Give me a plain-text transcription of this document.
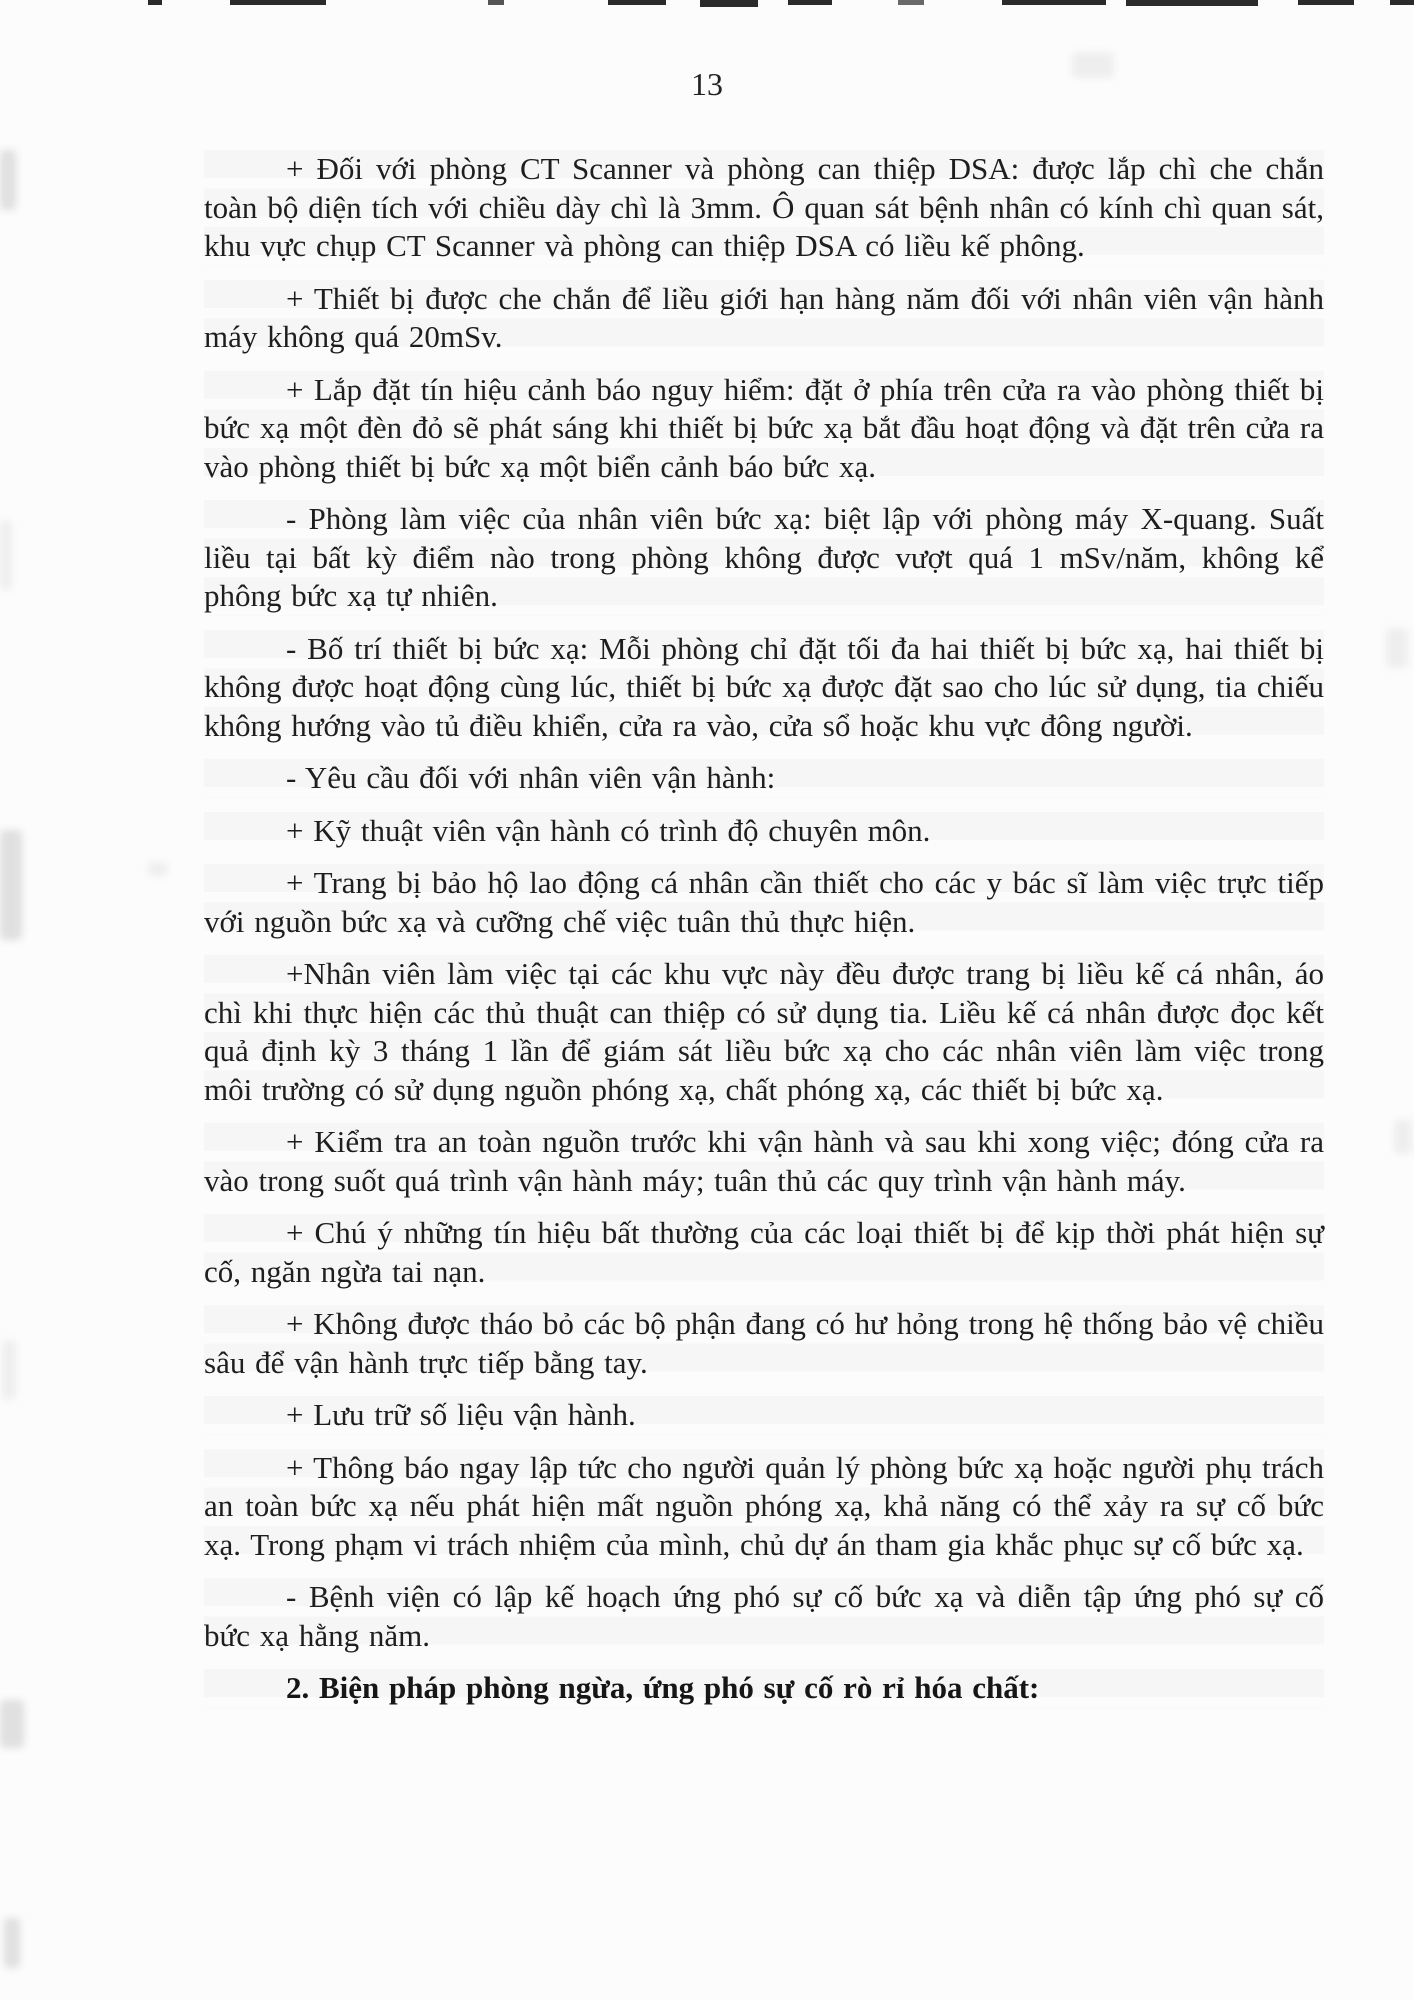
13

+ Đối với phòng CT Scanner và phòng can thiệp DSA: được lắp chì che chắn toàn bộ diện tích với chiều dày chì là 3mm. Ô quan sát bệnh nhân có kính chì quan sát, khu vực chụp CT Scanner và phòng can thiệp DSA có liều kế phông.

+ Thiết bị được che chắn để liều giới hạn hàng năm đối với nhân viên vận hành máy không quá 20mSv.

+ Lắp đặt tín hiệu cảnh báo nguy hiểm: đặt ở phía trên cửa ra vào phòng thiết bị bức xạ một đèn đỏ sẽ phát sáng khi thiết bị bức xạ bắt đầu hoạt động và đặt trên cửa ra vào phòng thiết bị bức xạ một biển cảnh báo bức xạ.

- Phòng làm việc của nhân viên bức xạ: biệt lập với phòng máy X-quang. Suất liều tại bất kỳ điểm nào trong phòng không được vượt quá 1 mSv/năm, không kể phông bức xạ tự nhiên.

- Bố trí thiết bị bức xạ: Mỗi phòng chỉ đặt tối đa hai thiết bị bức xạ, hai thiết bị không được hoạt động cùng lúc, thiết bị bức xạ được đặt sao cho lúc sử dụng, tia chiếu không hướng vào tủ điều khiển, cửa ra vào, cửa sổ hoặc khu vực đông người.

- Yêu cầu đối với nhân viên vận hành:

+ Kỹ thuật viên vận hành có trình độ chuyên môn.

+ Trang bị bảo hộ lao động cá nhân cần thiết cho các y bác sĩ làm việc trực tiếp với nguồn bức xạ và cưỡng chế việc tuân thủ thực hiện.

+Nhân viên làm việc tại các khu vực này đều được trang bị liều kế cá nhân, áo chì khi thực hiện các thủ thuật can thiệp có sử dụng tia. Liều kế cá nhân được đọc kết quả định kỳ 3 tháng 1 lần để giám sát liều bức xạ cho các nhân viên làm việc trong môi trường có sử dụng nguồn phóng xạ, chất phóng xạ, các thiết bị bức xạ.

+ Kiểm tra an toàn nguồn trước khi vận hành và sau khi xong việc; đóng cửa ra vào trong suốt quá trình vận hành máy; tuân thủ các quy trình vận hành máy.

+ Chú ý những tín hiệu bất thường của các loại thiết bị để kịp thời phát hiện sự cố, ngăn ngừa tai nạn.

+ Không được tháo bỏ các bộ phận đang có hư hỏng trong hệ thống bảo vệ chiều sâu để vận hành trực tiếp bằng tay.

+ Lưu trữ số liệu vận hành.

+ Thông báo ngay lập tức cho người quản lý phòng bức xạ hoặc người phụ trách an toàn bức xạ nếu phát hiện mất nguồn phóng xạ, khả năng có thể xảy ra sự cố bức xạ. Trong phạm vi trách nhiệm của mình, chủ dự án tham gia khắc phục sự cố bức xạ.

- Bệnh viện có lập kế hoạch ứng phó sự cố bức xạ và diễn tập ứng phó sự cố bức xạ hằng năm.

2. Biện pháp phòng ngừa, ứng phó sự cố rò rỉ hóa chất:
